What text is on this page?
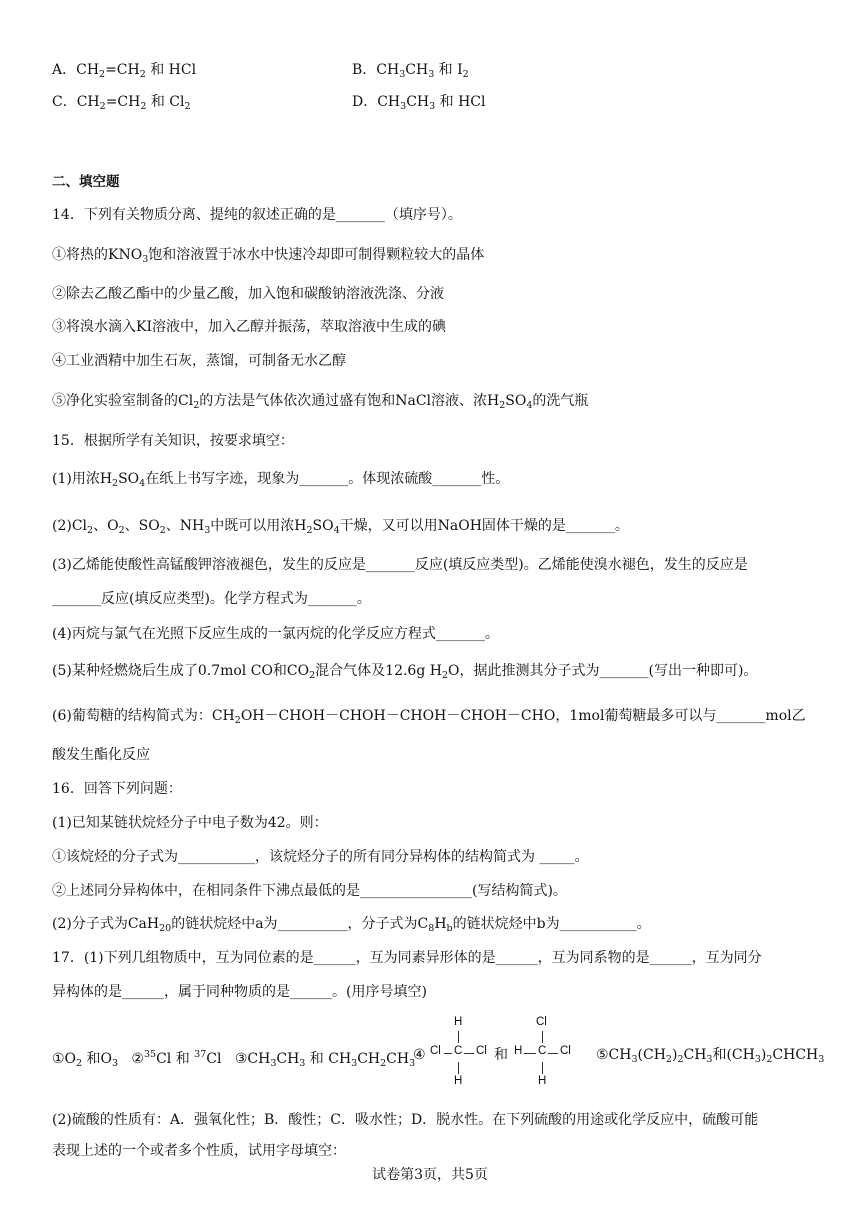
A．$CH_2=CH_2$ 和 HCl	B．$CH_3CH_3$ 和 $I_2$
C．$CH_2=CH_2$ 和 $Cl_2$	D．$CH_3CH_3$ 和 HCl
二、填空题
14．下列有关物质分离、提纯的叙述正确的是_______（填序号）。
①将热的$KNO_3$饱和溶液置于冰水中快速冷却即可制得颗粒较大的晶体
②除去乙酸乙酯中的少量乙酸，加入饱和碳酸钠溶液洗涤、分液
③将溴水滴入KI溶液中，加入乙醇并振荡，萃取溶液中生成的碘
④工业酒精中加生石灰，蒸馏，可制备无水乙醇
⑤净化实验室制备的$Cl_2$的方法是气体依次通过盛有饱和NaCl溶液、浓$H_2SO_4$的洗气瓶
15．根据所学有关知识，按要求填空：
(1)用浓$H_2SO_4$在纸上书写字迹，现象为_______。体现浓硫酸_______性。
$(2)Cl_2$、$O_2$、$SO_2$、$NH_3$中既可以用浓$H_2SO_4$干燥，又可以用NaOH固体干燥的是_______。
(3)乙烯能使酸性高锰酸钾溶液褪色，发生的反应是_______反应(填反应类型)。乙烯能使溴水褪色，发生的反应是
_______反应(填反应类型)。化学方程式为_______。
(4)丙烷与氯气在光照下反应生成的一氯丙烷的化学反应方程式_______。
(5)某种烃燃烧后生成了0.7mol CO和$CO_2$混合气体及12.6g $H_2O$，据此推测其分子式为_______(写出一种即可)。
(6)葡萄糖的结构简式为：$CH_2OH-CHOH-CHOH-CHOH-CHOH-CHO$，1mol葡萄糖最多可以与_______mol乙
酸发生酯化反应
16．回答下列问题：
(1)已知某链状烷烃分子中电子数为42。则：
①该烷烃的分子式为___________，该烷烃分子的所有同分异构体的结构简式为 _____。
②上述同分异构体中，在相同条件下沸点最低的是________________(写结构简式)。
(2)分子式为CaH$_{20}$的链状烷烃中a为__________，分子式为$C_8H_b$的链状烷烃中b为___________。
17．(1)下列几组物质中，互为同位素的是______，互为同素异形体的是______，互为同系物的是______，互为同分
异构体的是______，属于同种物质的是______。(用序号填空)
$①O_2$ 和$O_3$ ②$^{35}$Cl 和 $^{37}$Cl $③CH_3CH_3$ 和 $CH_3CH_2CH_3$
④
H
Cl C Cl
H
和
Cl
H C Cl
H
$⑤CH_3(CH_2)_2CH_3$和$(CH_3)_2CHCH_3$
(2)硫酸的性质有：A．强氧化性；B．酸性；C．吸水性；D．脱水性。在下列硫酸的用途或化学反应中，硫酸可能
表现上述的一个或者多个性质，试用字母填空：
试卷第3页，共5页
